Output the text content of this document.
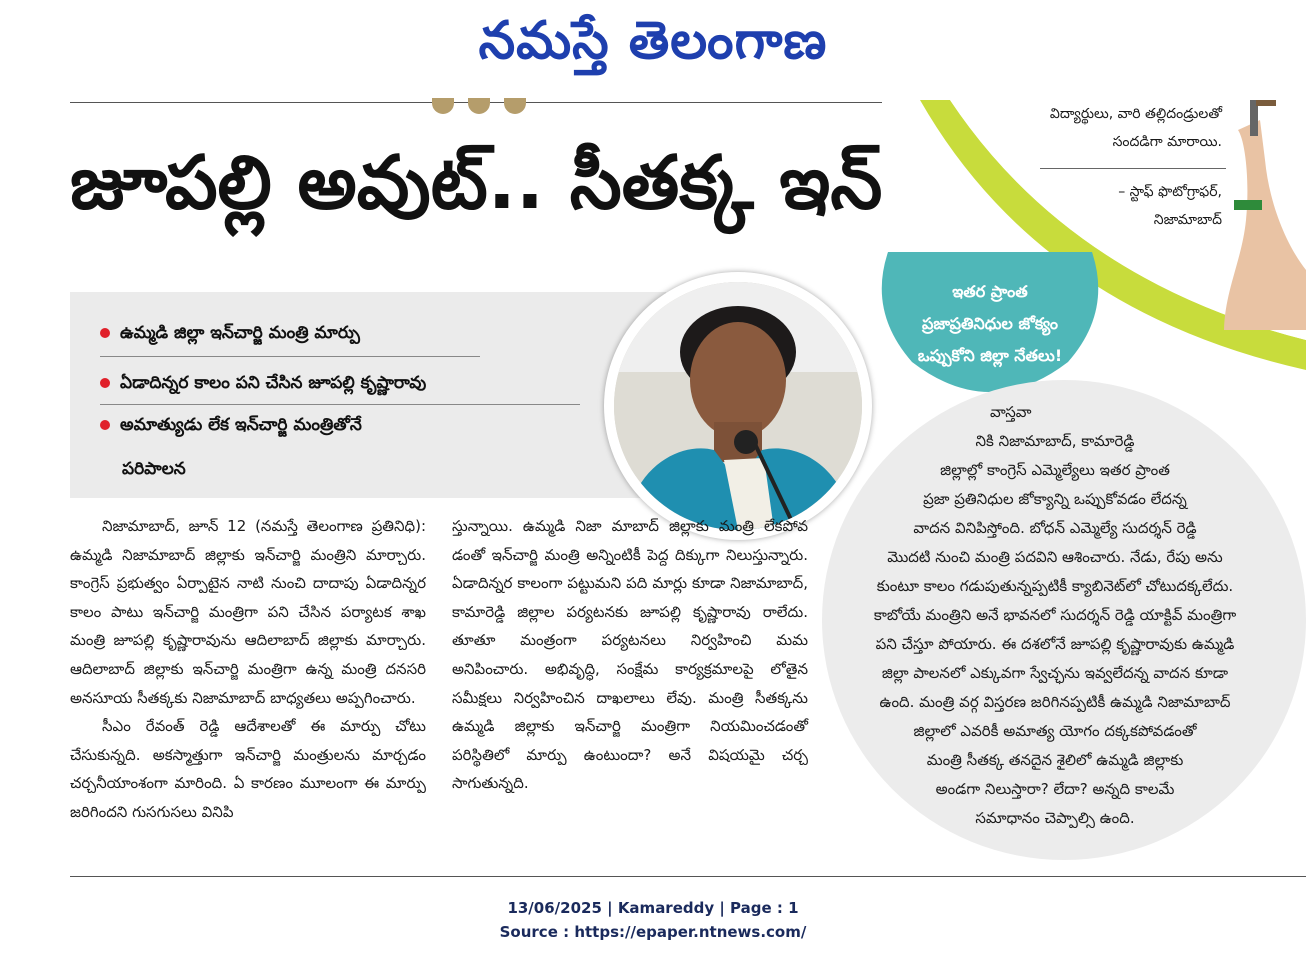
నమస్తే తెలంగాణ
జూపల్లి అవుట్.. సీతక్క ఇన్
విద్యార్థులు, వారి తల్లిదండ్రులతో
సందడిగా మారాయి.
– స్టాఫ్ ఫొటోగ్రాఫర్,
నిజామాబాద్
ఉమ్మడి జిల్లా ఇన్‌చార్జి మంత్రి మార్పు
ఏడాదిన్నర కాలం పని చేసిన జూపల్లి కృష్ణారావు
అమాత్యుడు లేక ఇన్‌చార్జి మంత్రితోనే
పరిపాలన
ఇతర ప్రాంత
ప్రజాప్రతినిధుల జోక్యం
ఒప్పుకోని జిల్లా నేతలు!
వాస్తవా
నికి నిజామాబాద్, కామారెడ్డి
జిల్లాల్లో కాంగ్రెస్ ఎమ్మెల్యేలు ఇతర ప్రాంత
ప్రజా ప్రతినిధుల జోక్యాన్ని ఒప్పుకోవడం లేదన్న
వాదన వినిపిస్తోంది. బోధన్ ఎమ్మెల్యే సుదర్శన్ రెడ్డి
మొదటి నుంచి మంత్రి పదవిని ఆశించారు. నేడు, రేపు అను
కుంటూ కాలం గడుపుతున్నప్పటికీ క్యాబినెట్‌లో చోటుదక్కలేదు.
కాబోయే మంత్రిని అనే భావనలో సుదర్శన్ రెడ్డి యాక్టివ్ మంత్రిగా
పని చేస్తూ పోయారు. ఈ దశలోనే జూపల్లి కృష్ణారావుకు ఉమ్మడి
జిల్లా పాలనలో ఎక్కువగా స్వేచ్ఛను ఇవ్వలేదన్న వాదన కూడా
ఉంది. మంత్రి వర్గ విస్తరణ జరిగినప్పటికీ ఉమ్మడి నిజామాబాద్
జిల్లాలో ఎవరికీ అమాత్య యోగం దక్కకపోవడంతో
మంత్రి సీతక్క తనదైన శైలిలో ఉమ్మడి జిల్లాకు
అండగా నిలుస్తారా? లేదా? అన్నది కాలమే
సమాధానం చెప్పాల్సి ఉంది.

నిజామాబాద్, జూన్ 12 (నమస్తే తెలంగాణ ప్రతినిధి): ఉమ్మడి నిజామాబాద్ జిల్లాకు ఇన్‌చార్జి మంత్రిని మార్చారు. కాంగ్రెస్ ప్రభుత్వం ఏర్పాటైన నాటి నుంచి దాదాపు ఏడాదిన్నర కాలం పాటు ఇన్‌చార్జి మంత్రిగా పని చేసిన పర్యాటక శాఖ మంత్రి జూపల్లి కృష్ణారావును ఆదిలాబాద్ జిల్లాకు మార్చారు. ఆదిలాబాద్ జిల్లాకు ఇన్‌చార్జి మంత్రిగా ఉన్న మంత్రి దనసరి అనసూయ సీతక్కకు నిజామాబాద్ బాధ్యతలు అప్పగించారు.

సీఎం రేవంత్ రెడ్డి ఆదేశాలతో ఈ మార్పు చోటు చేసుకున్నది. అకస్మాత్తుగా ఇన్‌చార్జి మంత్రులను మార్చడం చర్చనీయాంశంగా మారింది. ఏ కారణం మూలంగా ఈ మార్పు జరిగిందని గుసగుసలు వినిపి

స్తున్నాయి. ఉమ్మడి నిజా మాబాద్ జిల్లాకు మంత్రి లేకపోవ డంతో ఇన్‌చార్జి మంత్రి అన్నింటికీ పెద్ద దిక్కుగా నిలుస్తున్నారు. ఏడాదిన్నర కాలంగా పట్టుమని పది మార్లు కూడా నిజామాబాద్, కామారెడ్డి జిల్లాల పర్యటనకు జూపల్లి కృష్ణారావు రాలేదు. తూతూ మంత్రంగా పర్యటనలు నిర్వహించి మమ అనిపించారు. అభివృద్ధి, సంక్షేమ కార్యక్రమాలపై లోతైన సమీక్షలు నిర్వహించిన దాఖలాలు లేవు. మంత్రి సీతక్కను ఉమ్మడి జిల్లాకు ఇన్‌చార్జి మంత్రిగా నియమించడంతో పరిస్థితిలో మార్పు ఉంటుందా? అనే విషయమై చర్చ సాగుతున్నది.

13/06/2025 | Kamareddy | Page : 1
Source : https://epaper.ntnews.com/
